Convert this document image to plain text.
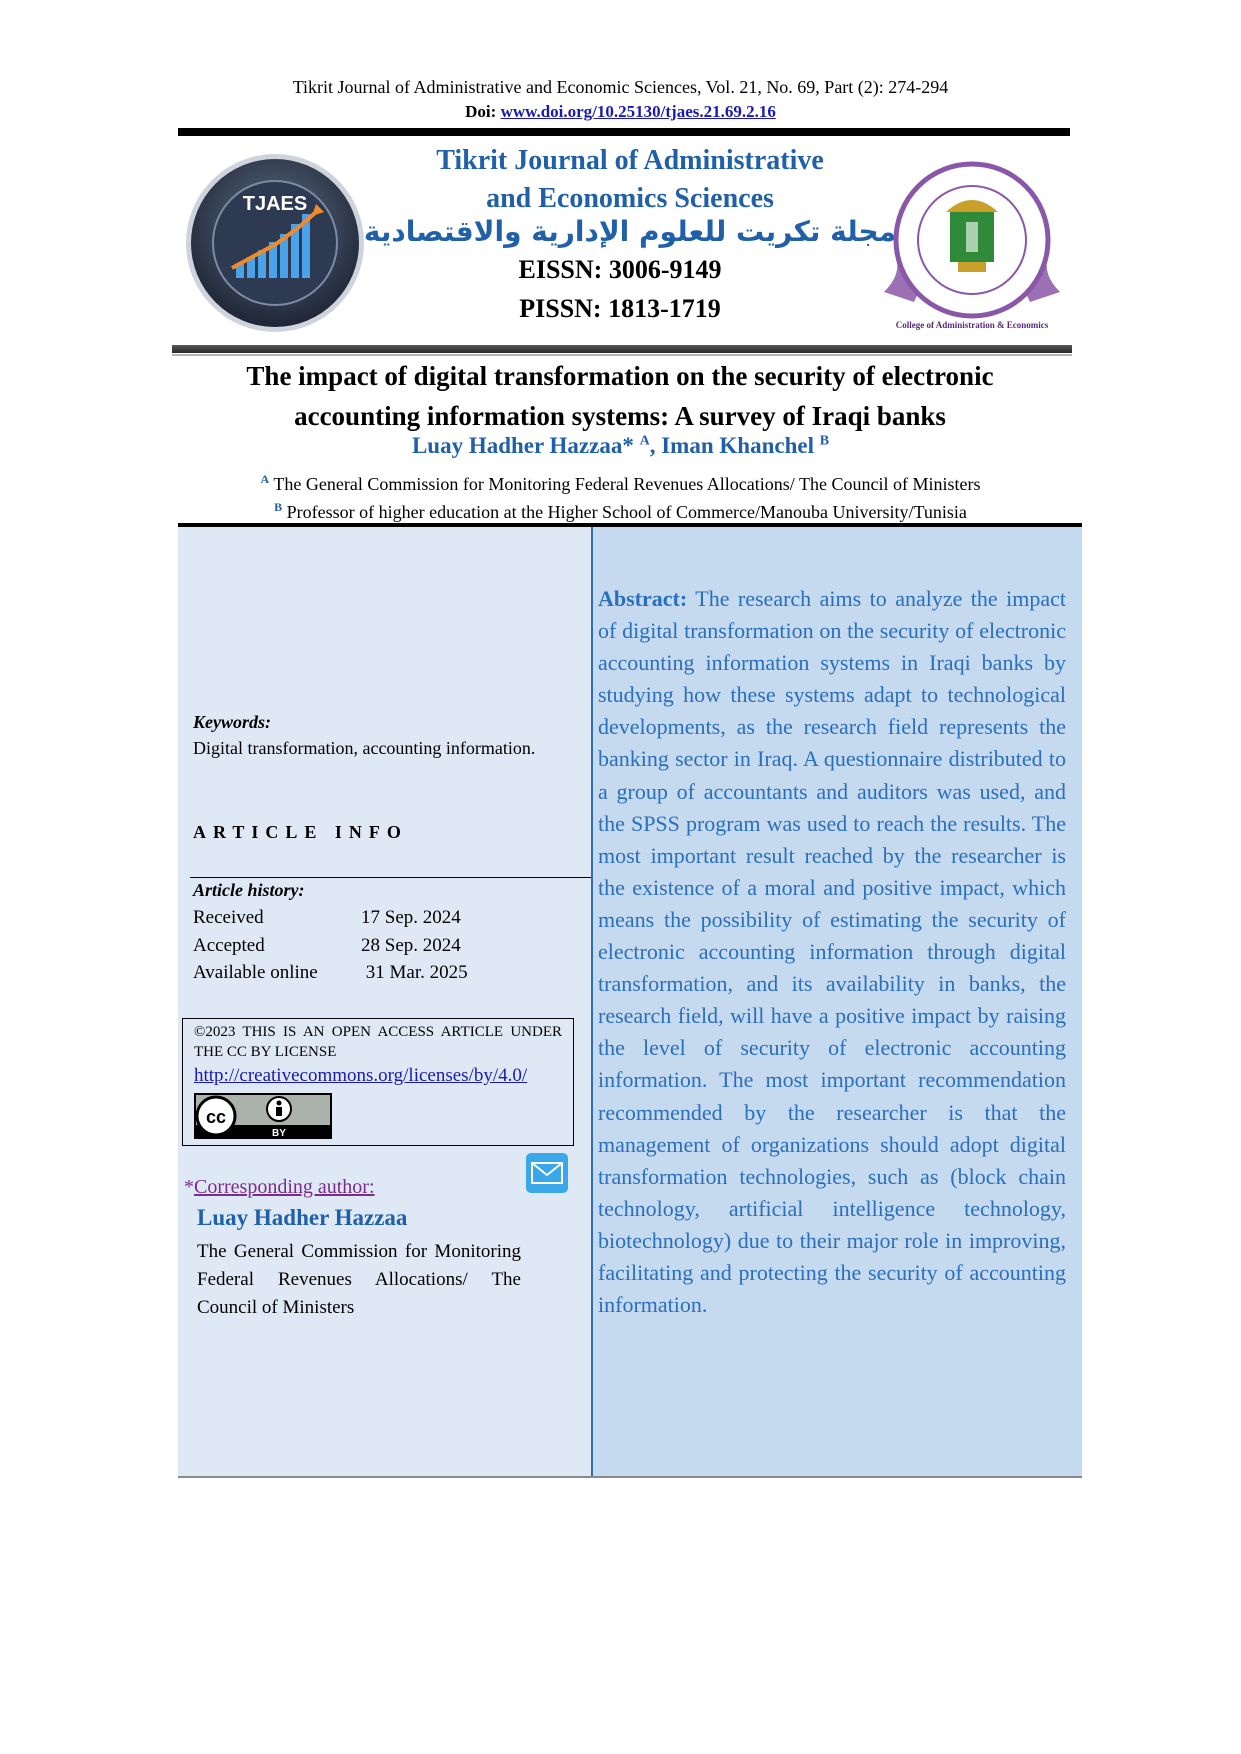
Tikrit Journal of Administrative and Economic Sciences, Vol. 21, No. 69, Part (2): 274-294
Doi: www.doi.org/10.25130/tjaes.21.69.2.16
TJAES
Tikrit Journal of Administrative
and Economics Sciences
مجلة تكريت للعلوم الإدارية والاقتصادية
EISSN: 3006-9149
PISSN: 1813-1719
College of Administration & Economics
The impact of digital transformation on the security of electronic
accounting information systems: A survey of Iraqi banks
Luay Hadher Hazzaa* $^A$, Iman Khanchel $^B$
$^A$ The General Commission for Monitoring Federal Revenues Allocations/ The Council of Ministers
$^B$ Professor of higher education at the Higher School of Commerce/Manouba University/Tunisia
Keywords:
Digital transformation, accounting information.
ARTICLE INFO
Article history:
Received	17 Sep. 2024
Accepted	28 Sep. 2024
Available online 31 Mar. 2025
©2023 THIS IS AN OPEN ACCESS ARTICLE UNDER THE CC BY LICENSE
http://creativecommons.org/licenses/by/4.0/
cc
BY
*Corresponding author:
Luay Hadher Hazzaa
The General Commission for Monitoring Federal Revenues Allocations/ The Council of Ministers
Abstract: The research aims to analyze the impact of digital transformation on the security of electronic accounting information systems in Iraqi banks by studying how these systems adapt to technological developments, as the research field represents the banking sector in Iraq. A questionnaire distributed to a group of accountants and auditors was used, and the SPSS program was used to reach the results. The most important result reached by the researcher is the existence of a moral and positive impact, which means the possibility of estimating the security of electronic accounting information through digital transformation, and its availability in banks, the research field, will have a positive impact by raising the level of security of electronic accounting information. The most important recommendation recommended by the researcher is that the management of organizations should adopt digital transformation technologies, such as (block chain technology, artificial intelligence technology, biotechnology) due to their major role in improving, facilitating and protecting the security of accounting information.
